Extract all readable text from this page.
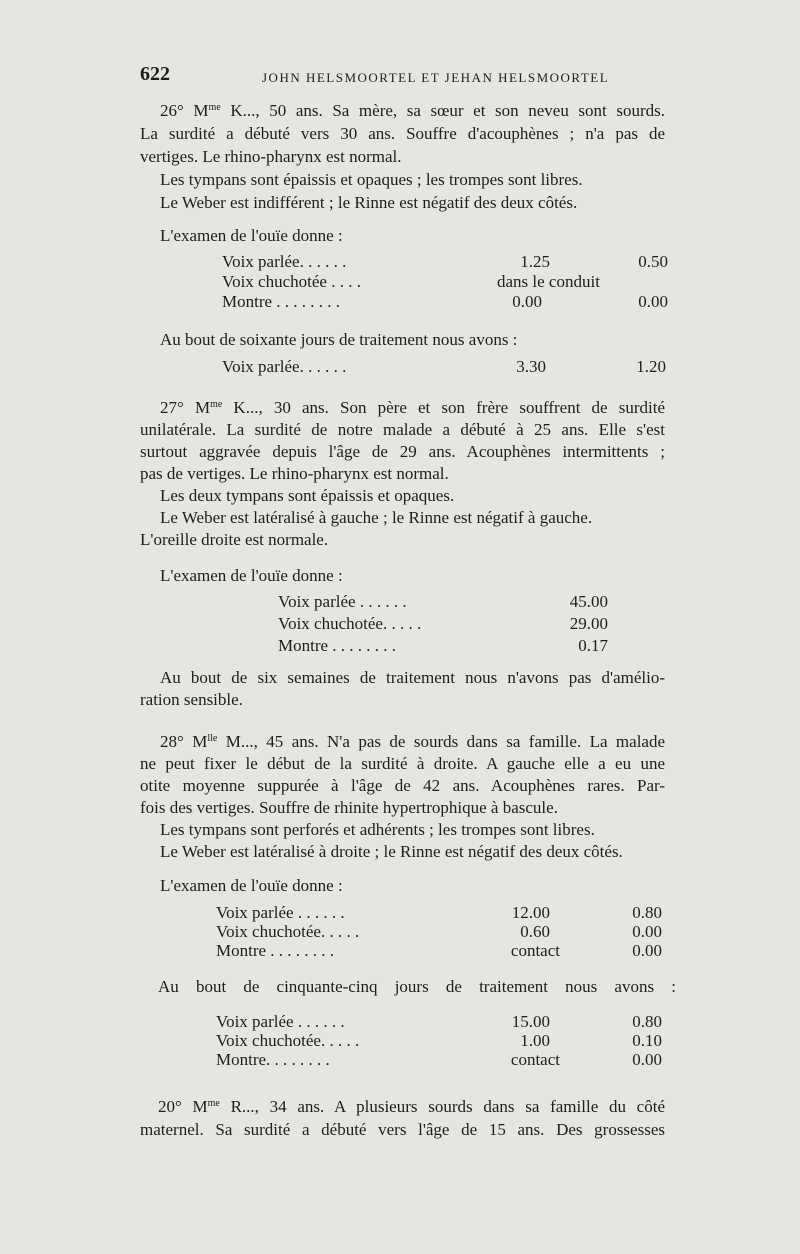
622	JOHN HELSMOORTEL ET JEHAN HELSMOORTEL
26° $M^{me}$ K..., 50 ans. Sa mère, sa sœur et son neveu sont sourds.
La surdité a débuté vers 30 ans. Souffre d'acouphènes ; n'a pas de
vertiges. Le rhino-pharynx est normal.
Les tympans sont épaissis et opaques ; les trompes sont libres.
Le Weber est indifférent ; le Rinne est négatif des deux côtés.
L'examen de l'ouïe donne :
Voix parlée. . . . . .	1.25	0.50
Voix chuchotée . . . .	dans le conduit
Montre . . . . . . . .	0.00	0.00
Au bout de soixante jours de traitement nous avons :
Voix parlée. . . . . .	3.30	1.20
27° $M^{me}$ K..., 30 ans. Son père et son frère souffrent de surdité
unilatérale. La surdité de notre malade a débuté à 25 ans. Elle s'est
surtout aggravée depuis l'âge de 29 ans. Acouphènes intermittents ;
pas de vertiges. Le rhino-pharynx est normal.
Les deux tympans sont épaissis et opaques.
Le Weber est latéralisé à gauche ; le Rinne est négatif à gauche.
L'oreille droite est normale.
L'examen de l'ouïe donne :
Voix parlée . . . . . .	45.00
Voix chuchotée. . . . .	29.00
Montre . . . . . . . .	0.17
Au bout de six semaines de traitement nous n'avons pas d'amélio-
ration sensible.
28° $M^{lle}$ M..., 45 ans. N'a pas de sourds dans sa famille. La malade
ne peut fixer le début de la surdité à droite. A gauche elle a eu une
otite moyenne suppurée à l'âge de 42 ans. Acouphènes rares. Par-
fois des vertiges. Souffre de rhinite hypertrophique à bascule.
Les tympans sont perforés et adhérents ; les trompes sont libres.
Le Weber est latéralisé à droite ; le Rinne est négatif des deux côtés.
L'examen de l'ouïe donne :
Voix parlée . . . . . .	12.00	0.80
Voix chuchotée. . . . .	0.60	0.00
Montre . . . . . . . .	contact	0.00
Au bout de cinquante-cinq jours de traitement nous avons :
Voix parlée . . . . . .	15.00	0.80
Voix chuchotée. . . . .	1.00	0.10
Montre. . . . . . . .	contact	0.00
20° $M^{me}$ R..., 34 ans. A plusieurs sourds dans sa famille du côté
maternel. Sa surdité a débuté vers l'âge de 15 ans. Des grossesses
